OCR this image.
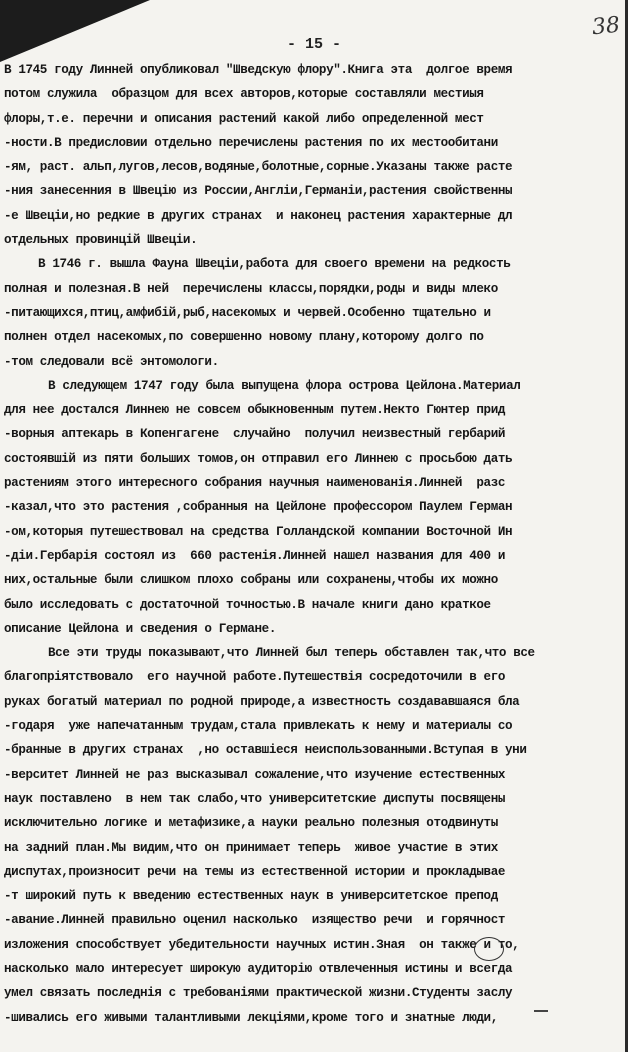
- 15 -
38
В 1745 году Линней опубликовал "Шведскую флору".Книга эта  долгое время
потом служила  образцом для всех авторов,которые составляли местиыя
флоры,т.е. перечни и описания растений какой либо определенной мест
-ности.В предисловии отдельно перечислены растения по их местообитани
-ям, раст. альп,лугов,лесов,водяные,болотные,сорные.Указаны также расте
-ния занесенния в Швецію из России,Англіи,Германіи,растения свойственны
-е Швеціи,но редкие в других странах  и наконец растения характерные дл
отдельных провинцій Швеціи.
В 1746 г. вышла Фауна Швеціи,работа для своего времени на редкость
полная и полезная.В ней  перечислены классы,порядки,роды и виды млеко
-питающихся,птиц,амфибій,рыб,насекомых и червей.Особенно тщательно и
полнен отдел насекомых,по совершенно новому плану,которому долго по
-том следовали всё энтомологи.
В следующем 1747 году была выпущена флора острова Цейлона.Материал
для нее достался Линнею не совсем обыкновенным путем.Некто Гюнтер прид
-ворныя аптекарь в Копенгагене  случайно  получил неизвестный гербарий
состоявшій из пяти больших томов,он отправил его Линнею с просьбою дать
растениям этого интересного собрания научныя наименованія.Линней  разс
-казал,что это растения ,собранныя на Цейлоне профессором Паулем Герман
-ом,которыя путешествовал на средства Голландской компании Восточной Ин
-діи.Гербарія состоял из  660 растенія.Линней нашел названия для 400 и
них,остальные были слишком плохо собраны или сохранены,чтобы их можно
было исследовать с достаточной точностью.В начале книги дано краткое
описание Цейлона и сведения о Германе.
Все эти труды показывают,что Линней был теперь обставлен так,что все
благопріятствовало  его научной работе.Путешествія сосредоточили в его
руках богатый материал по родной природе,а известность создававшаяся бла
-годаря  уже напечатанным трудам,стала привлекать к нему и материалы со
-бранные в других странах  ,но оставшіеся неиспользованными.Вступая в уни
-верситет Линней не раз высказывал сожаление,что изучение естественных
наук поставлено  в нем так слабо,что университетские диспуты посвящены
исключительно логике и метафизике,а науки реально полезныя отодвинуты
на задний план.Мы видим,что он принимает теперь  живое участие в этих
диспутах,произносит речи на темы из естественной истории и прокладывае
-т широкий путь к введению естественных наук в университетское препод
-авание.Линней правильно оценил насколько  изящество речи  и горячност
изложения способствует убедительности научных истин.Зная  он также и то,
насколько мало интересует широкую аудиторію отвлеченныя истины и всегда
умел связать последнія с требованіями практической жизни.Студенты заслу
-шивались его живыми талантливыми лекціями,кроме того и знатные люди,
